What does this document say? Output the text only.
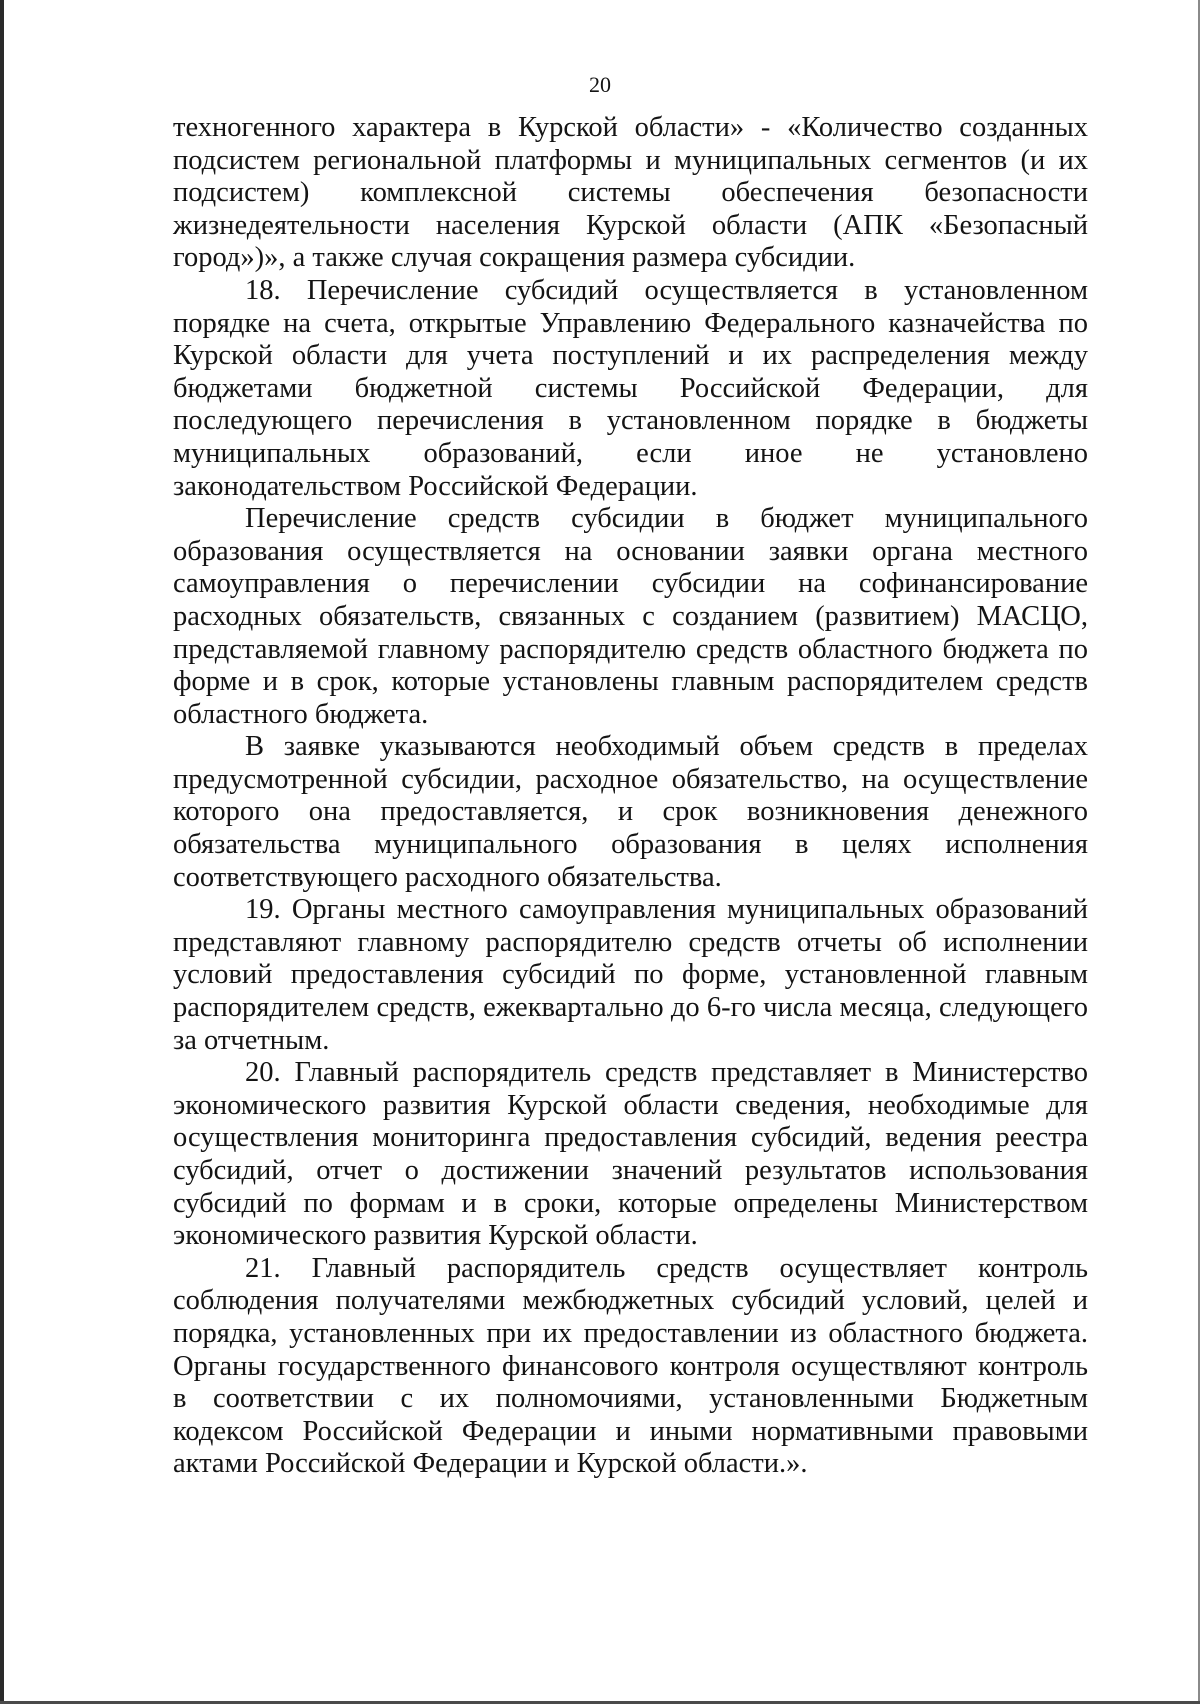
20

техногенного характера в Курской области» - «Количество созданных подсистем региональной платформы и муниципальных сегментов (и их подсистем) комплексной системы обеспечения безопасности жизнедеятельности населения Курской области (АПК «Безопасный город»)», а также случая сокращения размера субсидии.

18. Перечисление субсидий осуществляется в установленном порядке на счета, открытые Управлению Федерального казначейства по Курской области для учета поступлений и их распределения между бюджетами бюджетной системы Российской Федерации, для последующего перечисления в установленном порядке в бюджеты муниципальных образований, если иное не установлено законодательством Российской Федерации.

Перечисление средств субсидии в бюджет муниципального образования осуществляется на основании заявки органа местного самоуправления о перечислении субсидии на софинансирование расходных обязательств, связанных с созданием (развитием) МАСЦО, представляемой главному распорядителю средств областного бюджета по форме и в срок, которые установлены главным распорядителем средств областного бюджета.

В заявке указываются необходимый объем средств в пределах предусмотренной субсидии, расходное обязательство, на осуществление которого она предоставляется, и срок возникновения денежного обязательства муниципального образования в целях исполнения соответствующего расходного обязательства.

19. Органы местного самоуправления муниципальных образований представляют главному распорядителю средств отчеты об исполнении условий предоставления субсидий по форме, установленной главным распорядителем средств, ежеквартально до 6-го числа месяца, следующего за отчетным.

20. Главный распорядитель средств представляет в Министерство экономического развития Курской области сведения, необходимые для осуществления мониторинга предоставления субсидий, ведения реестра субсидий, отчет о достижении значений результатов использования субсидий по формам и в сроки, которые определены Министерством экономического развития Курской области.

21. Главный распорядитель средств осуществляет контроль соблюдения получателями межбюджетных субсидий условий, целей и порядка, установленных при их предоставлении из областного бюджета. Органы государственного финансового контроля осуществляют контроль в соответствии с их полномочиями, установленными Бюджетным кодексом Российской Федерации и иными нормативными правовыми актами Российской Федерации и Курской области.».
